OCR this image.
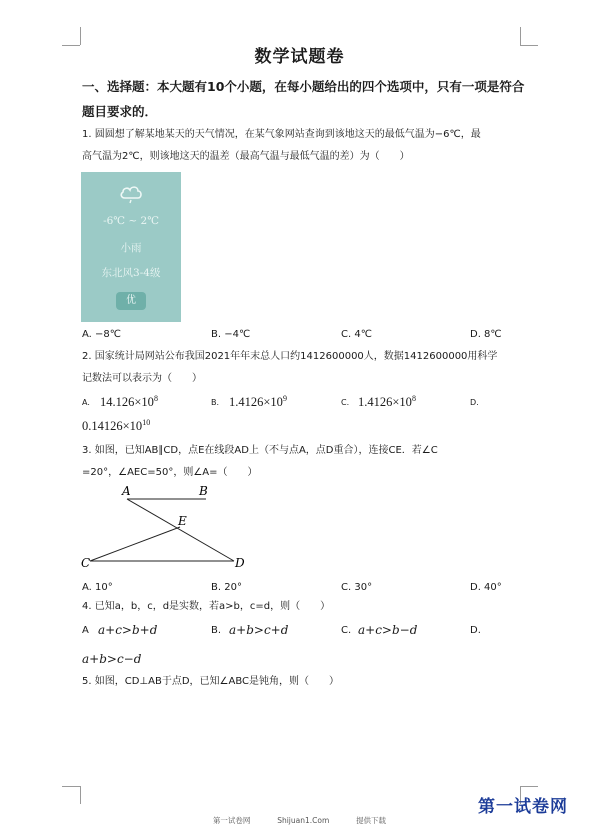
数学试题卷
一、选择题：本大题有10个小题，在每小题给出的四个选项中，只有一项是符合题目要求的．
1. 圆圆想了解某地某天的天气情况，在某气象网站查询到该地这天的最低气温为−6℃，最
高气温为2℃，则该地这天的温差（最高气温与最低气温的差）为（　　）
-6℃ ~ 2℃
小雨
东北风3-4级
优
A. −8℃	B. −4℃	C. 4℃	D. 8℃
2. 国家统计局网站公布我国2021年年末总人口约1412600000人，数据1412600000用科学
记数法可以表示为（　　）
A. $14.126\times 10^8$	B. $1.4126\times 10^9$	C. $1.4126\times 10^8$	D.
$0.14126\times 10^{10}$
3. 如图，已知AB∥CD，点E在线段AD上（不与点A，点D重合），连接CE．若∠C
=20°，∠AEC=50°，则∠A=（　　）
A	B
E
C	D
A. 10°	B. 20°	C. 30°	D. 40°
4. 已知a，b，c，d是实数，若a>b，c=d，则（　　）
A a+c>b+d	B. a+b>c+d	C. a+c>b−d	D.
a+b>c−d
5. 如图，CD⊥AB于点D，已知∠ABC是钝角，则（　　）
第一试卷网	Shijuan1.Com	提供下载
第一试卷网
